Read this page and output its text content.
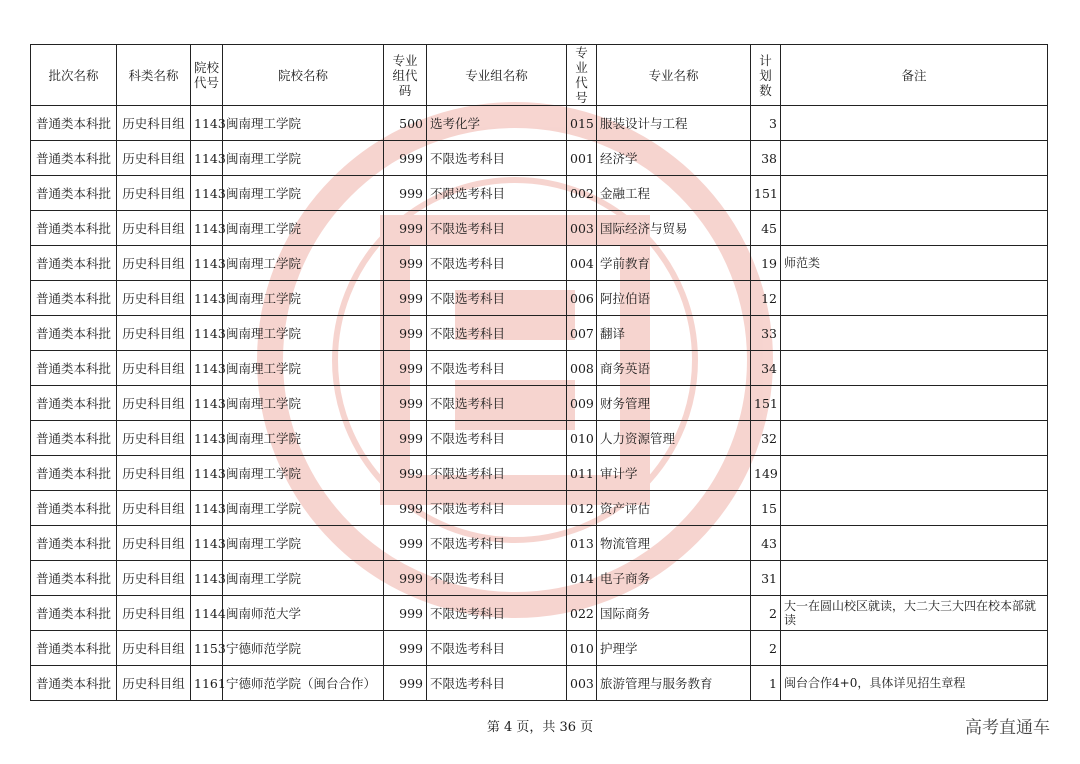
批次名称	科类名称	院校代号	院校名称	专业组代码	专业组名称	专业代号	专业名称	计划数	备注
普通类本科批	历史科目组	1143	闽南理工学院	500	选考化学	015	服装设计与工程	3	
普通类本科批	历史科目组	1143	闽南理工学院	999	不限选考科目	001	经济学	38	
普通类本科批	历史科目组	1143	闽南理工学院	999	不限选考科目	002	金融工程	151	
普通类本科批	历史科目组	1143	闽南理工学院	999	不限选考科目	003	国际经济与贸易	45	
普通类本科批	历史科目组	1143	闽南理工学院	999	不限选考科目	004	学前教育	19	师范类
普通类本科批	历史科目组	1143	闽南理工学院	999	不限选考科目	006	阿拉伯语	12	
普通类本科批	历史科目组	1143	闽南理工学院	999	不限选考科目	007	翻译	33	
普通类本科批	历史科目组	1143	闽南理工学院	999	不限选考科目	008	商务英语	34	
普通类本科批	历史科目组	1143	闽南理工学院	999	不限选考科目	009	财务管理	151	
普通类本科批	历史科目组	1143	闽南理工学院	999	不限选考科目	010	人力资源管理	32	
普通类本科批	历史科目组	1143	闽南理工学院	999	不限选考科目	011	审计学	149	
普通类本科批	历史科目组	1143	闽南理工学院	999	不限选考科目	012	资产评估	15	
普通类本科批	历史科目组	1143	闽南理工学院	999	不限选考科目	013	物流管理	43	
普通类本科批	历史科目组	1143	闽南理工学院	999	不限选考科目	014	电子商务	31	
普通类本科批	历史科目组	1144	闽南师范大学	999	不限选考科目	022	国际商务	2	大一在圆山校区就读，大二大三大四在校本部就读
普通类本科批	历史科目组	1153	宁德师范学院	999	不限选考科目	010	护理学	2	
普通类本科批	历史科目组	1161	宁德师范学院（闽台合作）	999	不限选考科目	003	旅游管理与服务教育	1	闽台合作4+0，具体详见招生章程
第 4 页，共 36 页	高考直通车
